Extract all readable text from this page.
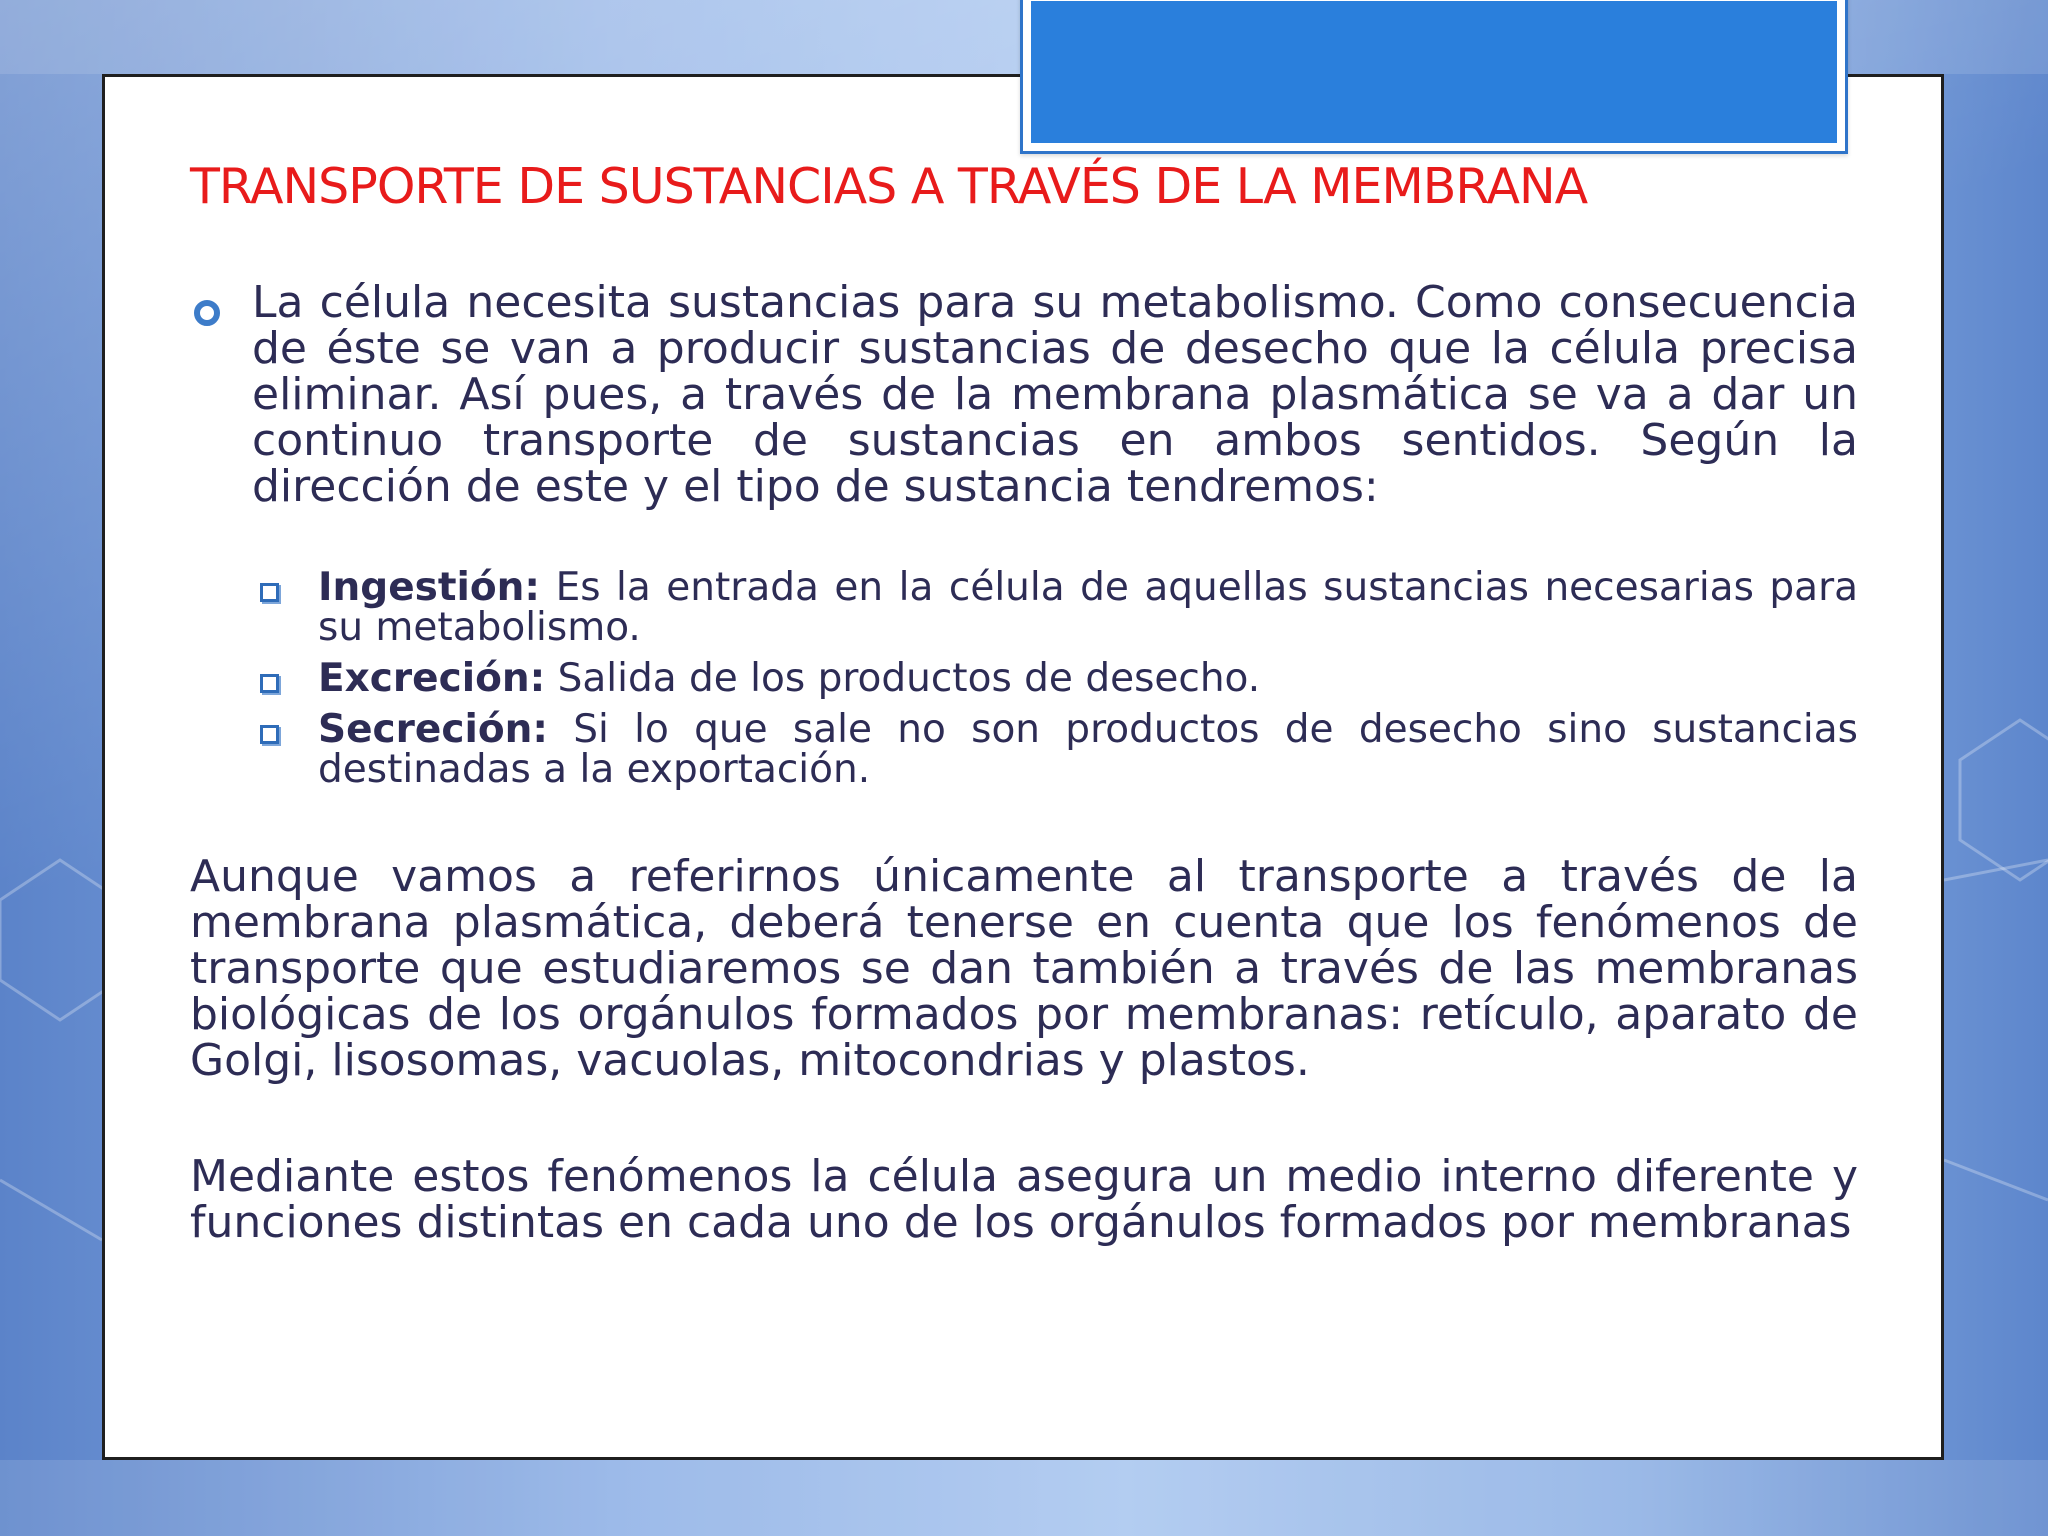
TRANSPORTE DE SUSTANCIAS A TRAVÉS DE LA MEMBRANA

La célula necesita sustancias para su metabolismo. Como consecuencia de éste se van a producir sustancias de desecho que la célula precisa eliminar. Así pues, a través de la membrana plasmática se va a dar un continuo transporte de sustancias en ambos sentidos. Según la dirección de este y el tipo de sustancia tendremos:

Ingestión: Es la entrada en la célula de aquellas sustancias necesarias para su metabolismo.
Excreción: Salida de los productos de desecho.
Secreción: Si lo que sale no son productos de desecho sino sustancias destinadas a la exportación.

Aunque vamos a referirnos únicamente al transporte a través de la membrana plasmática, deberá tenerse en cuenta que los fenómenos de transporte que estudiaremos se dan también a través de las membranas biológicas de los orgánulos formados por membranas: retículo, aparato de Golgi, lisosomas, vacuolas, mitocondrias y plastos.

Mediante estos fenómenos la célula asegura un medio interno diferente y funciones distintas en cada uno de los orgánulos formados por membranas
